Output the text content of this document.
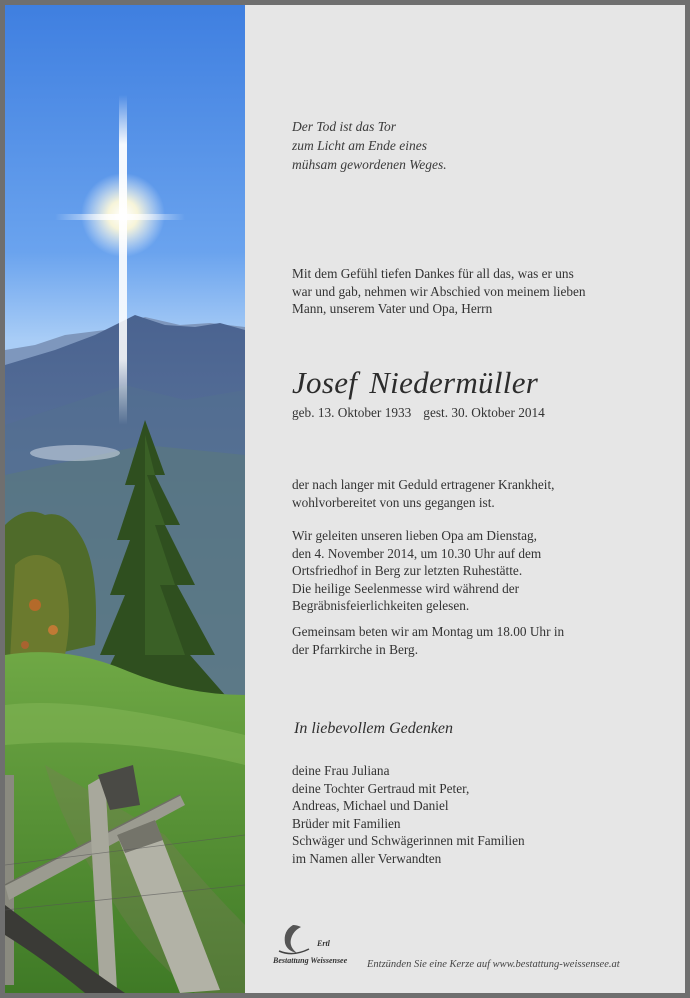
Der Tod ist das Tor
zum Licht am Ende eines
mühsam gewordenen Weges.
Mit dem Gefühl tiefen Dankes für all das, was er uns
war und gab, nehmen wir Abschied von meinem lieben
Mann, unserem Vater und Opa, Herrn
Josef Niedermüller
geb. 13. Oktober 1933 gest. 30. Oktober 2014
der nach langer mit Geduld ertragener Krankheit,
wohlvorbereitet von uns gegangen ist.
Wir geleiten unseren lieben Opa am Dienstag,
den 4. November 2014, um 10.30 Uhr auf dem
Ortsfriedhof in Berg zur letzten Ruhestätte.
Die heilige Seelenmesse wird während der
Begräbnisfeierlichkeiten gelesen.
Gemeinsam beten wir am Montag um 18.00 Uhr in
der Pfarrkirche in Berg.
In liebevollem Gedenken
deine Frau Juliana
deine Tochter Gertraud mit Peter,
Andreas, Michael und Daniel
Brüder mit Familien
Schwäger und Schwägerinnen mit Familien
im Namen aller Verwandten
Ertl
Bestattung Weissensee Entzünden Sie eine Kerze auf www.bestattung-weissensee.at
